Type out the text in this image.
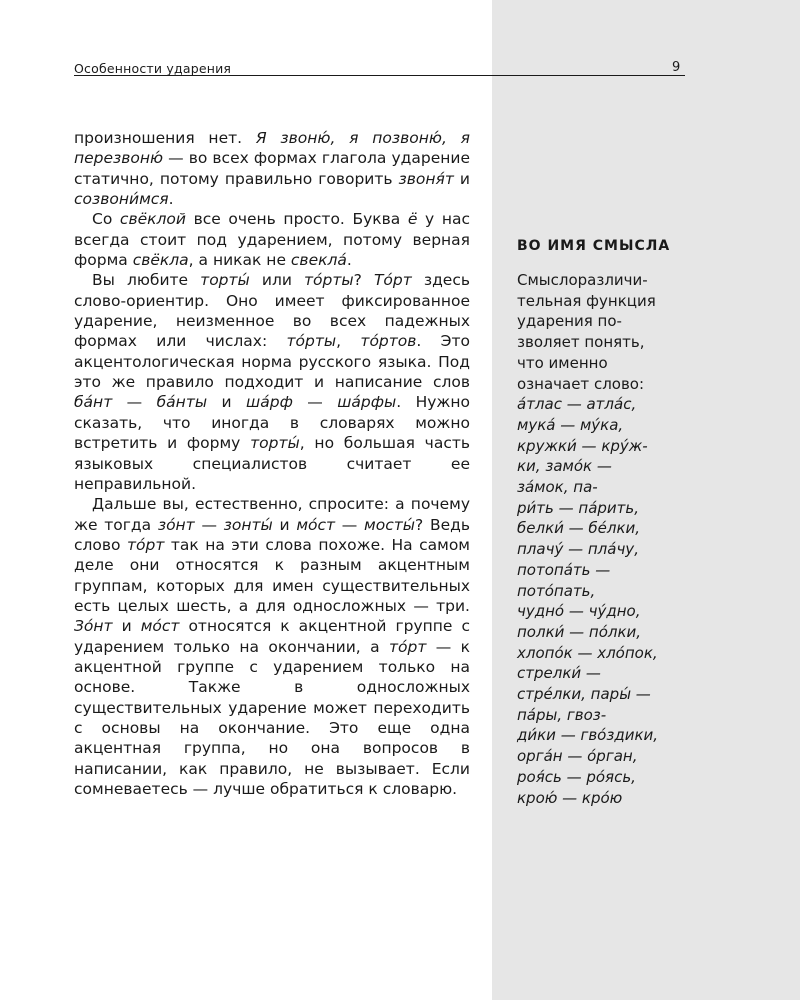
Особенности ударения	9

произношения нет. Я звоню́, я позвоню́, я перезвоню́ — во всех формах глагола ударение статично, потому правильно говорить звоня́т и созвони́мся.

Со свёклой все очень просто. Буква ё у нас всегда стоит под ударением, потому верная форма свёкла, а никак не свекла́.

Вы любите торты́ или то́рты? То́рт здесь слово-ориентир. Оно имеет фиксированное ударение, неизменное во всех падежных формах или числах: то́рты, то́ртов. Это акцентологическая норма русского языка. Под это же правило подходит и написание слов ба́нт — ба́нты и ша́рф — ша́рфы. Нужно сказать, что иногда в словарях можно встретить и форму торты́, но большая часть языковых специалистов считает ее неправильной.

Дальше вы, естественно, спросите: а почему же тогда зо́нт — зонты́ и мо́ст — мосты́? Ведь слово то́рт так на эти слова похоже. На самом деле они относятся к разным акцентным группам, которых для имен существительных есть целых шесть, а для односложных — три. Зо́нт и мо́ст относятся к акцентной группе с ударением только на окончании, а то́рт — к акцентной группе с ударением только на основе. Также в односложных существительных ударение может переходить с основы на окончание. Это еще одна акцентная группа, но она вопросов в написании, как правило, не вызывает. Если сомневаетесь — лучше обратиться к словарю.

ВО ИМЯ СМЫСЛА
Смыслоразличи-
тельная функция
ударения по-
зволяет понять,
что именно
означает слово:
а́тлас — атла́с,
мука́ — му́ка,
кружки́ — кру́ж-
ки, замо́к —
за́мок, па-
ри́ть — па́рить,
белки́ — бе́лки,
плачу́ — пла́чу,
потопа́ть —
пото́пать,
чудно́ — чу́дно,
полки́ — по́лки,
хлопо́к — хло́пок,
стрелки́ —
стре́лки, пары́ —
па́ры, гвоз-
ди́ки — гво́здики,
орга́н — о́рган,
роя́сь — ро́ясь,
крою́ — кро́ю
